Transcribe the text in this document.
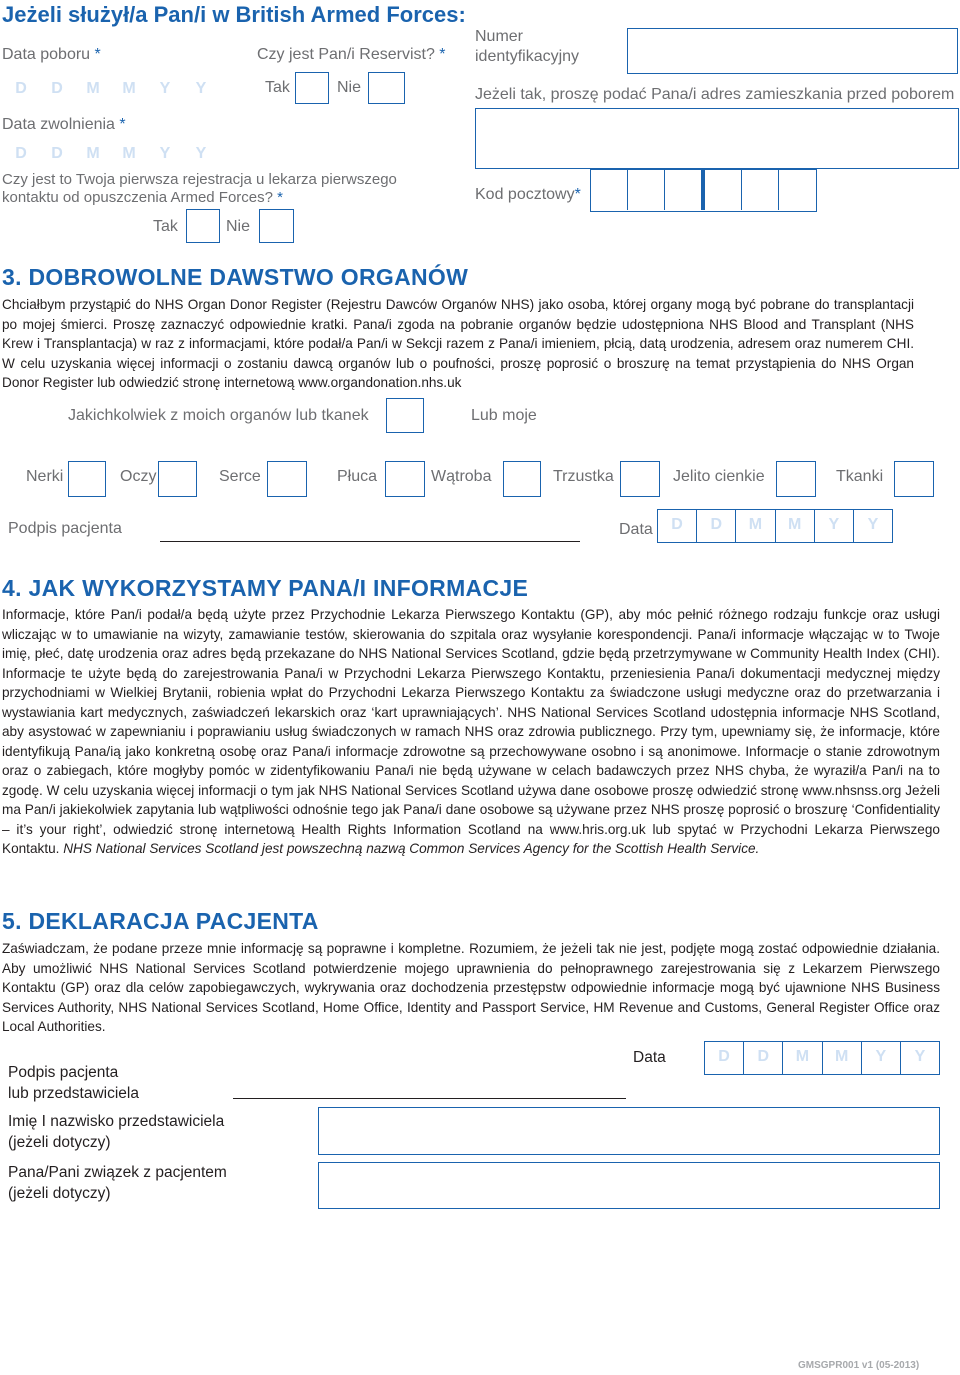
Jeżeli służył/a Pan/i w British Armed Forces:
Data poboru *	Czy jest Pan/i Reservist? *
D	D	M	M	Y	Y	Tak	Nie
Numer
identyfikacyjny
Jeżeli tak, proszę podać Pana/i adres zamieszkania przed poborem
Data zwolnienia *
D	D	M	M	Y	Y
Czy jest to Twoja pierwsza rejestracja u lekarza pierwszego
kontaktu od opuszczenia Armed Forces? *	Kod pocztowy*
Tak	Nie
3. DOBROWOLNE DAWSTWO ORGANÓW
Chciałbym przystąpić do NHS Organ Donor Register (Rejestru Dawców Organów NHS) jako osoba, której organy mogą być pobrane do transplantacji po mojej śmierci. Proszę zaznaczyć odpowiednie kratki. Pana/i zgoda na pobranie organów będzie udostępniona NHS Blood and Transplant (NHS Krew i Transplantacja) w raz z informacjami, które podał/a Pan/i w Sekcji razem z Pana/i imieniem, płcią, datą urodzenia, adresem oraz numerem CHI. W celu uzyskania więcej informacji o zostaniu dawcą organów lub o poufności, proszę poprosić o broszurę na temat przystąpienia do NHS Organ Donor Register lub odwiedzić stronę internetową www.organdonation.nhs.uk
Jakichkolwiek z moich organów lub tkanek	Lub moje
Nerki	Oczy	Serce	Płuca	Wątroba	Trzustka	Jelito cienkie	Tkanki
Podpis pacjenta	Data	D	D	M	M	Y	Y
4. JAK WYKORZYSTAMY PANA/I INFORMACJE
Informacje, które Pan/i podał/a będą użyte przez Przychodnie Lekarza Pierwszego Kontaktu (GP), aby móc pełnić różnego rodzaju funkcje oraz usługi wliczając w to umawianie na wizyty, zamawianie testów, skierowania do szpitala oraz wysyłanie korespondencji. Pana/i informacje włączając w to Twoje imię, płeć, datę urodzenia oraz adres będą przekazane do NHS National Services Scotland, gdzie będą przetrzymywane w Community Health Index (CHI). Informacje te użyte będą do zarejestrowania Pana/i w Przychodni Lekarza Pierwszego Kontaktu, przeniesienia Pana/i dokumentacji medycznej między przychodniami w Wielkiej Brytanii, robienia wpłat do Przychodni Lekarza Pierwszego Kontaktu za świadczone usługi medyczne oraz do przetwarzania i wystawiania kart medycznych, zaświadczeń lekarskich oraz ‘kart uprawniających’. NHS National Services Scotland udostępnia informacje NHS Scotland, aby asystować w zapewnianiu i poprawianiu usług świadczonych w ramach NHS oraz zdrowia publicznego. Przy tym, upewniamy się, że informacje, które identyfikują Pana/ią jako konkretną osobę oraz Pana/i informacje zdrowotne są przechowywane osobno i są anonimowe. Informacje o stanie zdrowotnym oraz o zabiegach, które mogłyby pomóc w zidentyfikowaniu Pana/i nie będą używane w celach badawczych przez NHS chyba, że wyraził/a Pan/i na to zgodę. W celu uzyskania więcej informacji o tym jak NHS National Services Scotland używa dane osobowe proszę odwiedzić stronę www.nhsnss.org Jeżeli ma Pan/i jakiekolwiek zapytania lub wątpliwości odnośnie tego jak Pana/i dane osobowe są używane przez NHS proszę poprosić o broszurę ‘Confidentiality – it’s your right’, odwiedzić stronę internetową Health Rights Information Scotland na www.hris.org.uk lub spytać w Przychodni Lekarza Pierwszego Kontaktu. NHS National Services Scotland jest powszechną nazwą Common Services Agency for the Scottish Health Service.
5. DEKLARACJA PACJENTA
Zaświadczam, że podane przeze mnie informację są poprawne i kompletne. Rozumiem, że jeżeli tak nie jest, podjęte mogą zostać odpowiednie działania. Aby umożliwić NHS National Services Scotland potwierdzenie mojego uprawnienia do pełnoprawnego zarejestrowania się z Lekarzem Pierwszego Kontaktu (GP) oraz dla celów zapobiegawczych, wykrywania oraz dochodzenia przestępstw odpowiednie informacje mogą być ujawnione NHS Business Services Authority, NHS National Services Scotland, Home Office, Identity and Passport Service, HM Revenue and Customs, General Register Office oraz Local Authorities.
Podpis pacjenta
lub przedstawiciela
Data	D	D	M	M	Y	Y
Imię I nazwisko przedstawiciela
(jeżeli dotyczy)
Pana/Pani związek z pacjentem
(jeżeli dotyczy)
GMSGPR001 v1 (05-2013)
